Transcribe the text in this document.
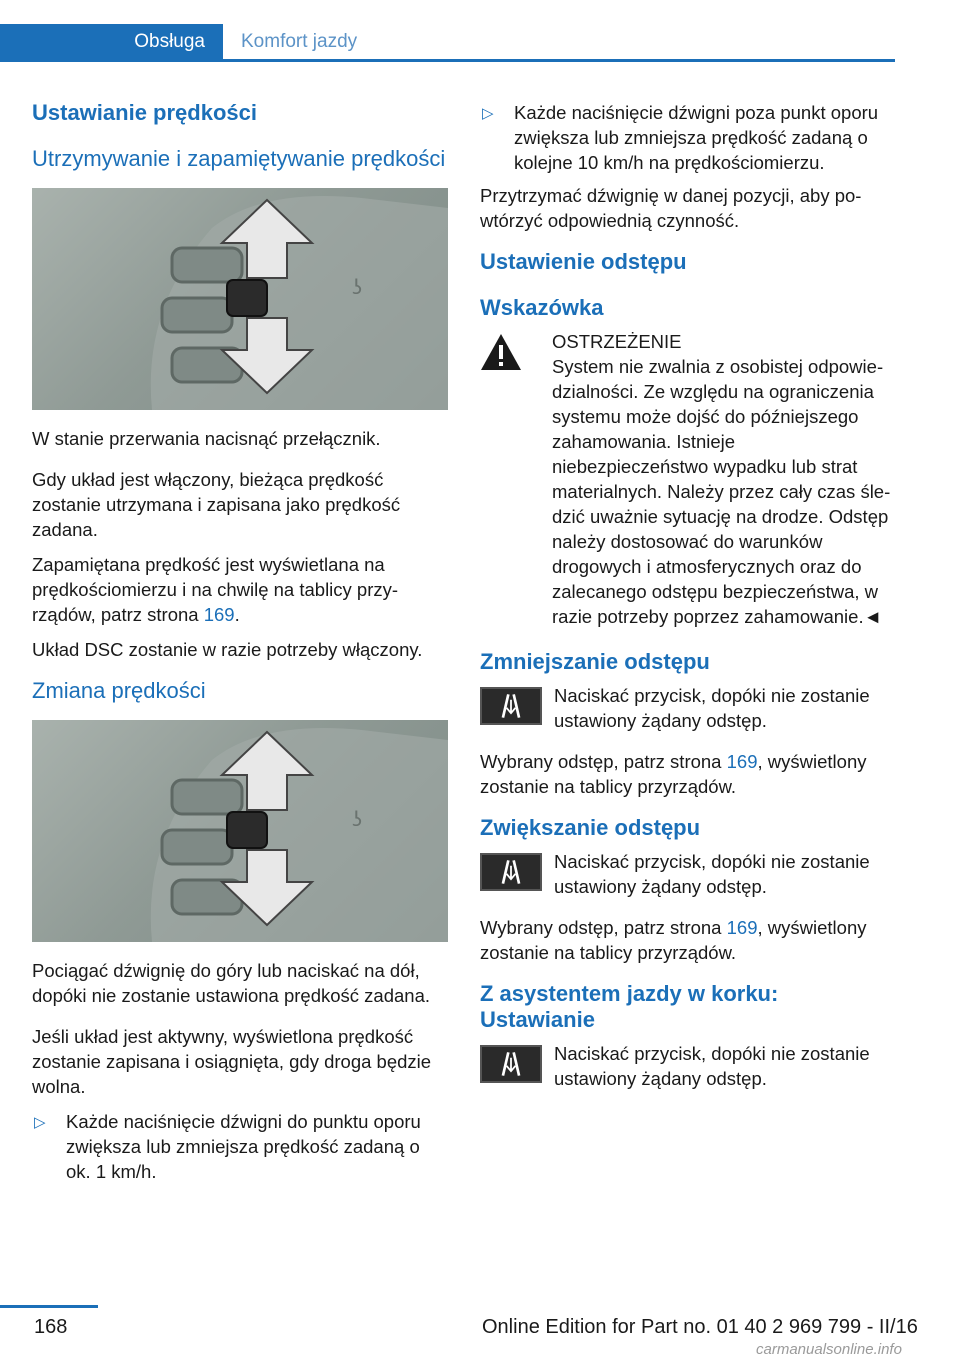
Obsługa	Komfort jazdy
Ustawianie prędkości
Utrzymywanie i zapamiętywanie prędkości
ʖ

W stanie przerwania nacisnąć przełącznik.

Gdy układ jest włączony, bieżąca prędkość zostanie utrzymana i zapisana jako prędkość zadana.

Zapamiętana prędkość jest wyświetlana na prędkościomierzu i na chwilę na tablicy przyrządów, patrz strona 169.

Układ DSC zostanie w razie potrzeby włączony.

Zmiana prędkości
ʖ

Pociągać dźwignię do góry lub naciskać na dół, dopóki nie zostanie ustawiona prędkość zadana.

Jeśli układ jest aktywny, wyświetlona prędkość zostanie zapisana i osiągnięta, gdy droga będzie wolna.

▷ Każde naciśnięcie dźwigni do punktu oporu zwiększa lub zmniejsza prędkość zadaną o ok. 1 km/h.
▷ Każde naciśnięcie dźwigni poza punkt oporu zwiększa lub zmniejsza prędkość zadaną o kolejne 10 km/h na prędkościomierzu.

Przytrzymać dźwignię w danej pozycji, aby powtórzyć odpowiednią czynność.

Ustawienie odstępu
Wskazówka
OSTRZEŻENIE
System nie zwalnia z osobistej odpowiedzialności. Ze względu na ograniczenia systemu może dojść do późniejszego zahamowania. Istnieje niebezpieczeństwo wypadku lub strat materialnych. Należy przez cały czas śledzić uważnie sytuację na drodze. Odstęp należy dostosować do warunków drogowych i atmosferycznych oraz do zalecanego odstępu bezpieczeństwa, w razie potrzeby poprzez zahamowanie.◄
Zmniejszanie odstępu
Naciskać przycisk, dopóki nie zostanie ustawiony żądany odstęp.

Wybrany odstęp, patrz strona 169, wyświetlony zostanie na tablicy przyrządów.

Zwiększanie odstępu
Naciskać przycisk, dopóki nie zostanie ustawiony żądany odstęp.

Wybrany odstęp, patrz strona 169, wyświetlony zostanie na tablicy przyrządów.

Z asystentem jazdy w korku: Ustawianie
Naciskać przycisk, dopóki nie zostanie ustawiony żądany odstęp.
168	Online Edition for Part no. 01 40 2 969 799 - II/16
carmanualsonline.info
